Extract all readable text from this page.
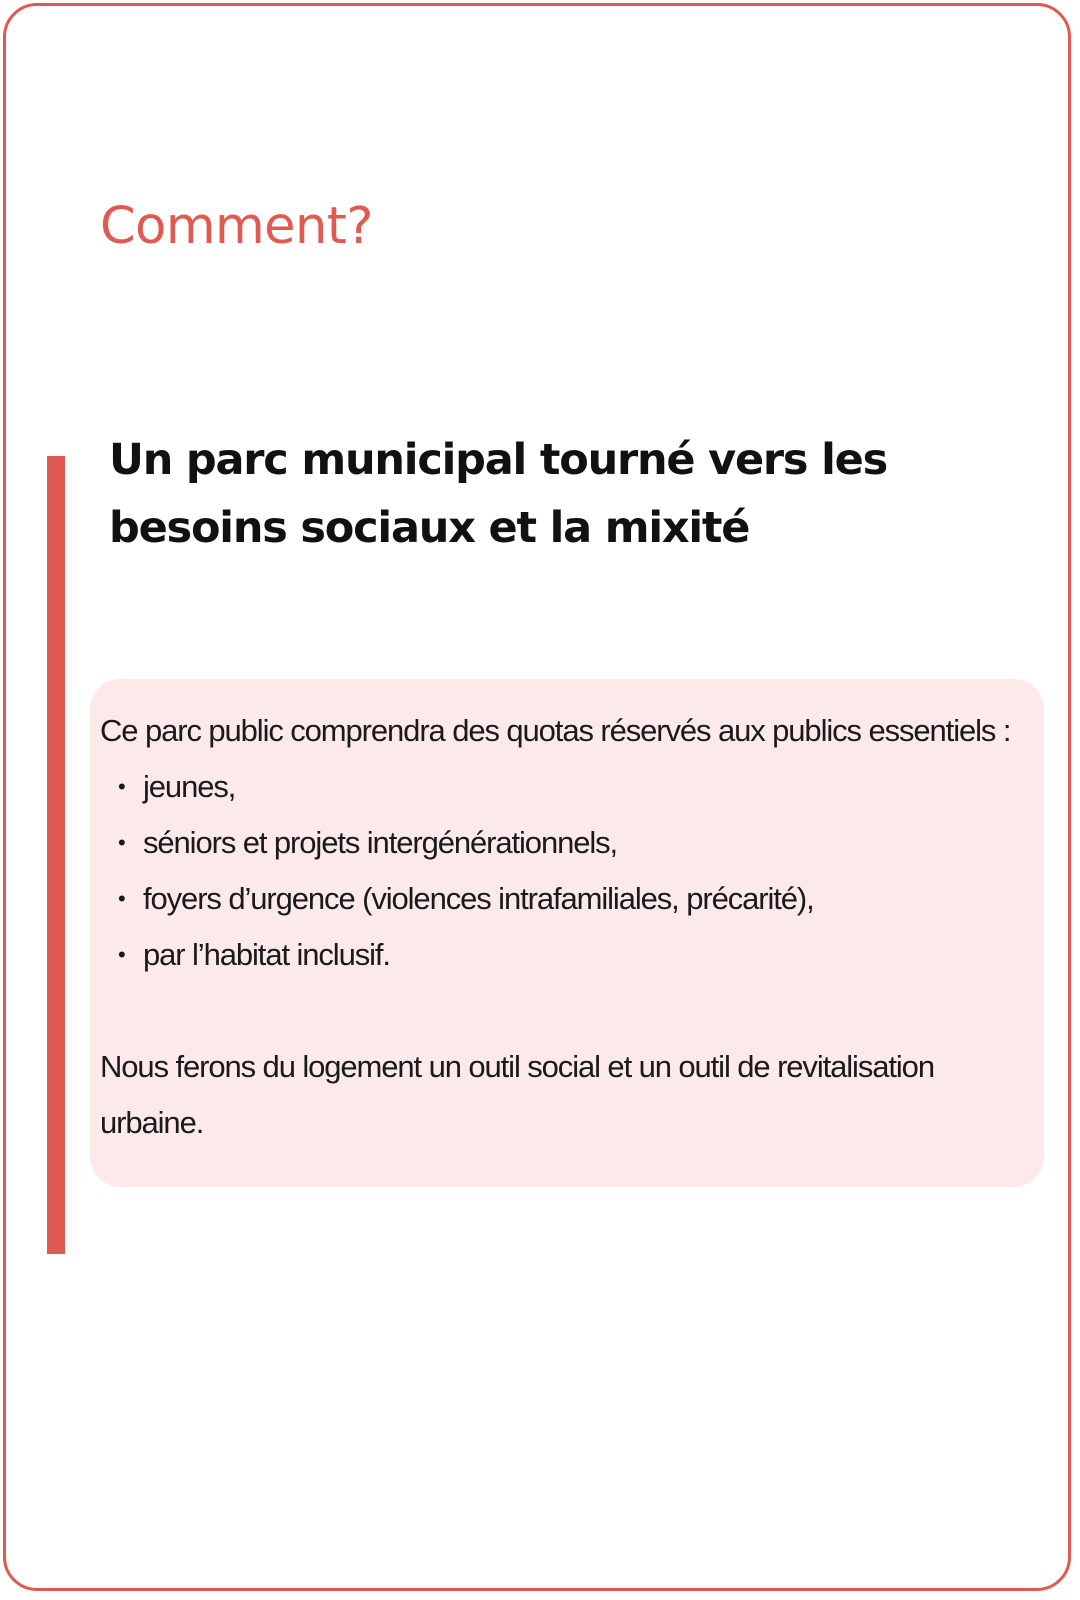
Comment?
Un parc municipal tourné vers les
besoins sociaux et la mixité

Ce parc public comprendra des quotas réservés aux publics essentiels :

• jeunes,
• séniors et projets intergénérationnels,
• foyers d’urgence (violences intrafamiliales, précarité),
• par l’habitat inclusif.

Nous ferons du logement un outil social et un outil de revitalisation urbaine.
